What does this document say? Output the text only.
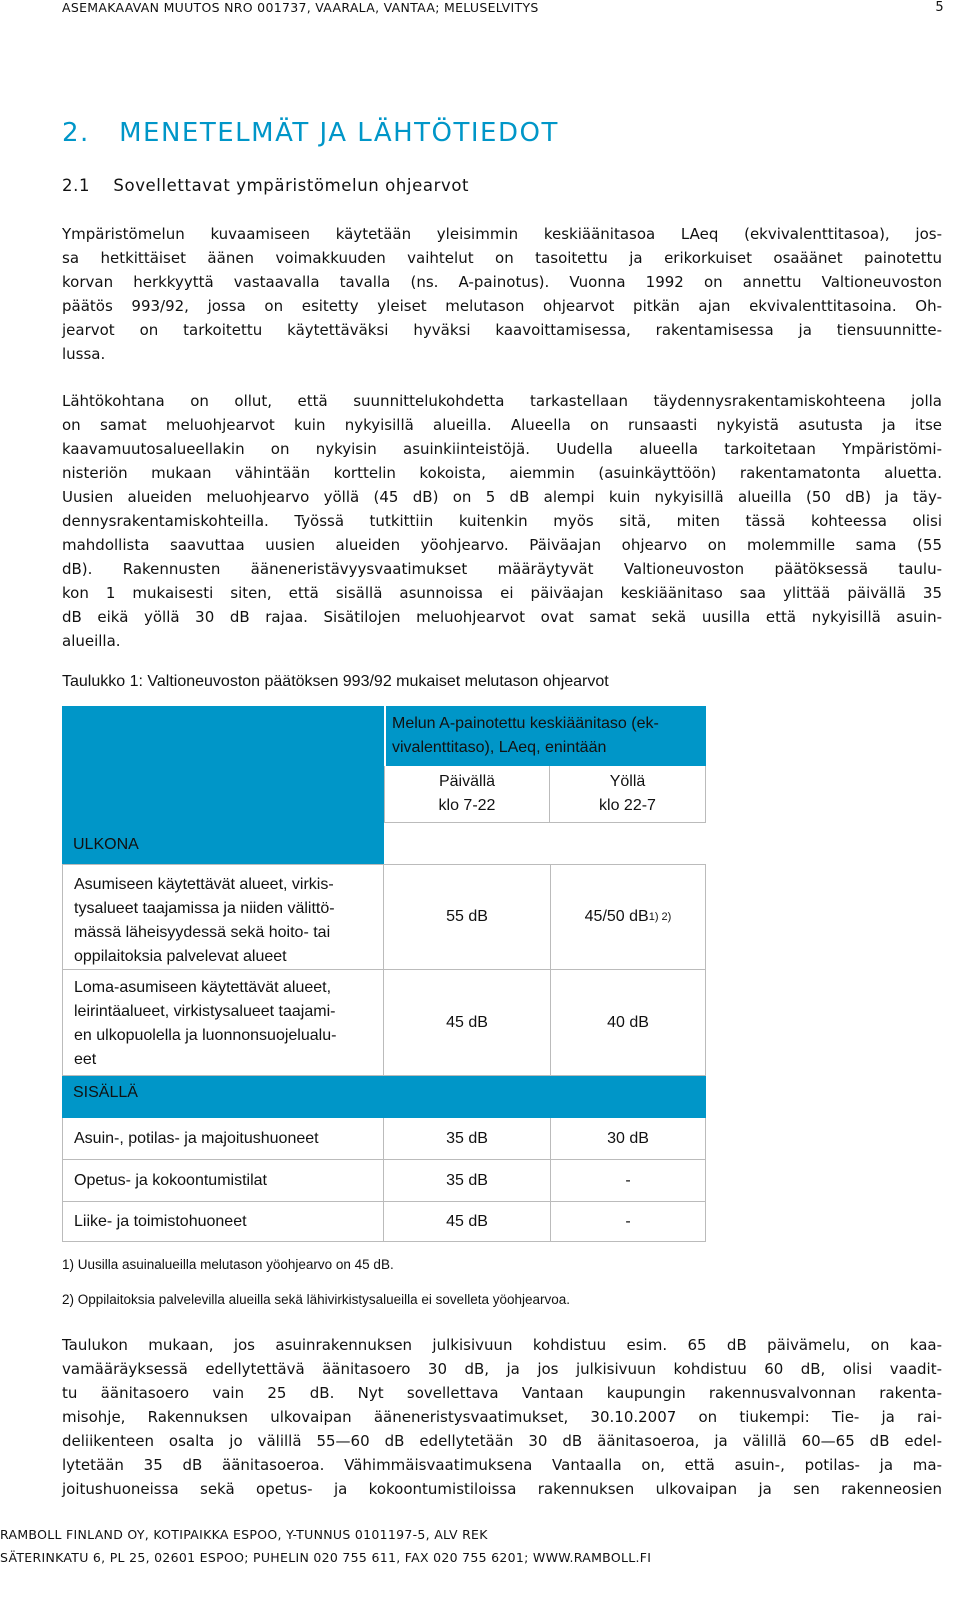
ASEMAKAAVAN MUUTOS NRO 001737, VAARALA, VANTAA; MELUSELVITYS	5
2.   MENETELMÄT JA LÄHTÖTIEDOT
2.1    Sovellettavat ympäristömelun ohjearvot
Ympäristömelun kuvaamiseen käytetään yleisimmin keskiäänitasoa LAeq (ekvivalenttitasoa), jos-
sa hetkittäiset äänen voimakkuuden vaihtelut on tasoitettu ja erikorkuiset osaäänet painotettu
korvan herkkyyttä vastaavalla tavalla (ns. A-painotus). Vuonna 1992 on annettu Valtioneuvoston
päätös 993/92, jossa on esitetty yleiset melutason ohjearvot pitkän ajan ekvivalenttitasoina. Oh-
jearvot on tarkoitettu käytettäväksi hyväksi kaavoittamisessa, rakentamisessa ja tiensuunnitte-
lussa.
Lähtökohtana on ollut, että suunnittelukohdetta tarkastellaan täydennysrakentamiskohteena jolla
on samat meluohjearvot kuin nykyisillä alueilla. Alueella on runsaasti nykyistä asutusta ja itse
kaavamuutosalueellakin on nykyisin asuinkiinteistöjä. Uudella alueella tarkoitetaan Ympäristömi-
nisteriön mukaan vähintään korttelin kokoista, aiemmin (asuinkäyttöön) rakentamatonta aluetta.
Uusien alueiden meluohjearvo yöllä (45 dB) on 5 dB alempi kuin nykyisillä alueilla (50 dB) ja täy-
dennysrakentamiskohteilla. Työssä tutkittiin kuitenkin myös sitä, miten tässä kohteessa olisi
mahdollista saavuttaa uusien alueiden yöohjearvo. Päiväajan ohjearvo on molemmille sama (55
dB). Rakennusten ääneneristävyysvaatimukset määräytyvät Valtioneuvoston päätöksessä taulu-
kon 1 mukaisesti siten, että sisällä asunnoissa ei päiväajan keskiäänitaso saa ylittää päivällä 35
dB eikä yöllä 30 dB rajaa. Sisätilojen meluohjearvot ovat samat sekä uusilla että nykyisillä asuin-
alueilla.
Taulukko 1: Valtioneuvoston päätöksen 993/92 mukaiset melutason ohjearvot
Melun A-painotettu keskiäänitaso (ek-
vivalenttitaso), LAeq, enintään
Päivällä
klo 7-22
Yöllä
klo 22-7
ULKONA
Asumiseen käytettävät alueet, virkis-
tysalueet taajamissa ja niiden välittö-
mässä läheisyydessä sekä hoito- tai
oppilaitoksia palvelevat alueet
55 dB	45/50 dB 1) 2)
Loma-asumiseen käytettävät alueet,
leirintäalueet, virkistysalueet taajami-
en ulkopuolella ja luonnonsuojelualu-
eet
45 dB	40 dB
SISÄLLÄ
Asuin-, potilas- ja majoitushuoneet	35 dB	30 dB
Opetus- ja kokoontumistilat	35 dB	-
Liike- ja toimistohuoneet	45 dB	-
1) Uusilla asuinalueilla melutason yöohjearvo on 45 dB.
2) Oppilaitoksia palvelevilla alueilla sekä lähivirkistysalueilla ei sovelleta yöohjearvoa.
Taulukon mukaan, jos asuinrakennuksen julkisivuun kohdistuu esim. 65 dB päivämelu, on kaa-
vamääräyksessä edellytettävä äänitasoero 30 dB, ja jos julkisivuun kohdistuu 60 dB, olisi vaadit-
tu äänitasoero vain 25 dB. Nyt sovellettava Vantaan kaupungin rakennusvalvonnan rakenta-
misohje, Rakennuksen ulkovaipan ääneneristysvaatimukset, 30.10.2007 on tiukempi: Tie- ja rai-
deliikenteen osalta jo välillä 55—60 dB edellytetään 30 dB äänitasoeroa, ja välillä 60—65 dB edel-
lytetään 35 dB äänitasoeroa. Vähimmäisvaatimuksena Vantaalla on, että asuin-, potilas- ja ma-
joitushuoneissa sekä opetus- ja kokoontumistiloissa rakennuksen ulkovaipan ja sen rakenneosien
RAMBOLL FINLAND OY, KOTIPAIKKA ESPOO, Y-TUNNUS 0101197-5, ALV REK
SÄTERINKATU 6, PL 25, 02601 ESPOO; PUHELIN 020 755 611, FAX 020 755 6201; WWW.RAMBOLL.FI
